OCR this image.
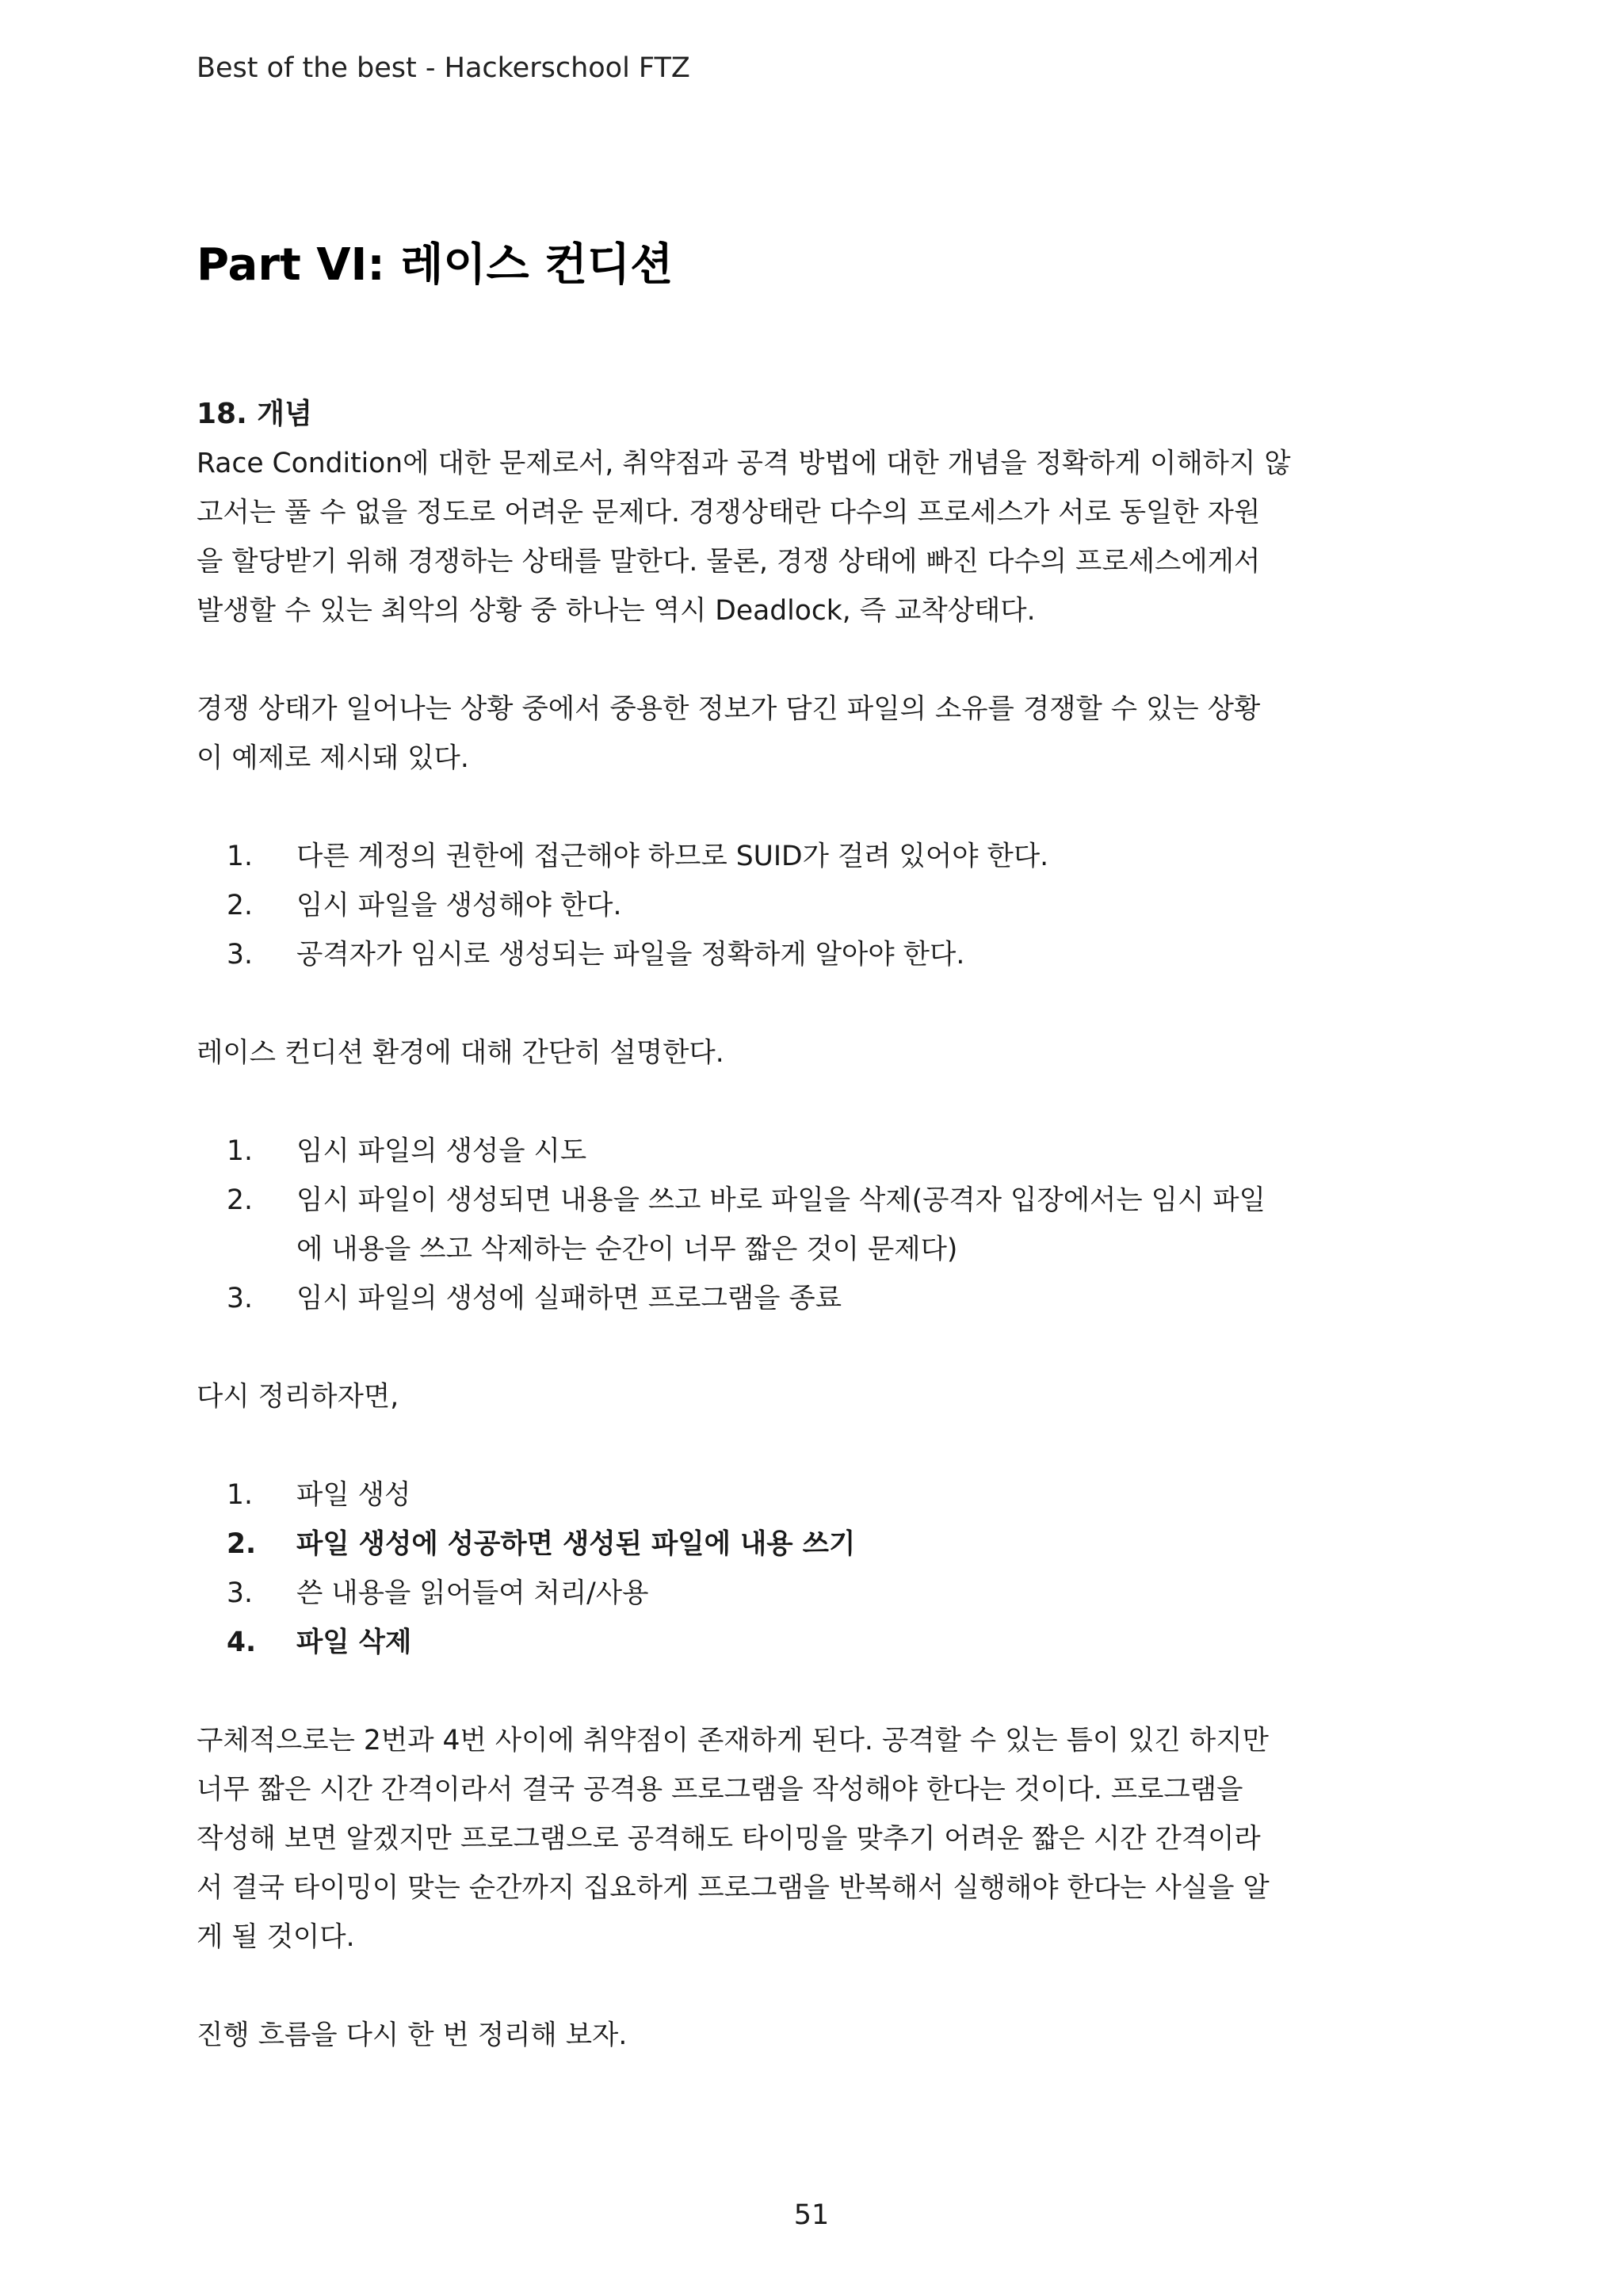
Best of the best - Hackerschool FTZ
Part VI: 레이스 컨디션
18. 개념
Race Condition에 대한 문제로서, 취약점과 공격 방법에 대한 개념을 정확하게 이해하지 않
고서는 풀 수 없을 정도로 어려운 문제다. 경쟁상태란 다수의 프로세스가 서로 동일한 자원
을 할당받기 위해 경쟁하는 상태를 말한다. 물론, 경쟁 상태에 빠진 다수의 프로세스에게서
발생할 수 있는 최악의 상황 중 하나는 역시 Deadlock, 즉 교착상태다.
경쟁 상태가 일어나는 상황 중에서 중용한 정보가 담긴 파일의 소유를 경쟁할 수 있는 상황
이 예제로 제시돼 있다.
1. 다른 계정의 권한에 접근해야 하므로 SUID가 걸려 있어야 한다.
2. 임시 파일을 생성해야 한다.
3. 공격자가 임시로 생성되는 파일을 정확하게 알아야 한다.
레이스 컨디션 환경에 대해 간단히 설명한다.
1. 임시 파일의 생성을 시도
2. 임시 파일이 생성되면 내용을 쓰고 바로 파일을 삭제(공격자 입장에서는 임시 파일
에 내용을 쓰고 삭제하는 순간이 너무 짧은 것이 문제다)
3. 임시 파일의 생성에 실패하면 프로그램을 종료
다시 정리하자면,
1. 파일 생성
2. 파일 생성에 성공하면 생성된 파일에 내용 쓰기
3. 쓴 내용을 읽어들여 처리/사용
4. 파일 삭제
구체적으로는 2번과 4번 사이에 취약점이 존재하게 된다. 공격할 수 있는 틈이 있긴 하지만
너무 짧은 시간 간격이라서 결국 공격용 프로그램을 작성해야 한다는 것이다. 프로그램을
작성해 보면 알겠지만 프로그램으로 공격해도 타이밍을 맞추기 어려운 짧은 시간 간격이라
서 결국 타이밍이 맞는 순간까지 집요하게 프로그램을 반복해서 실행해야 한다는 사실을 알
게 될 것이다.
진행 흐름을 다시 한 번 정리해 보자.
51
